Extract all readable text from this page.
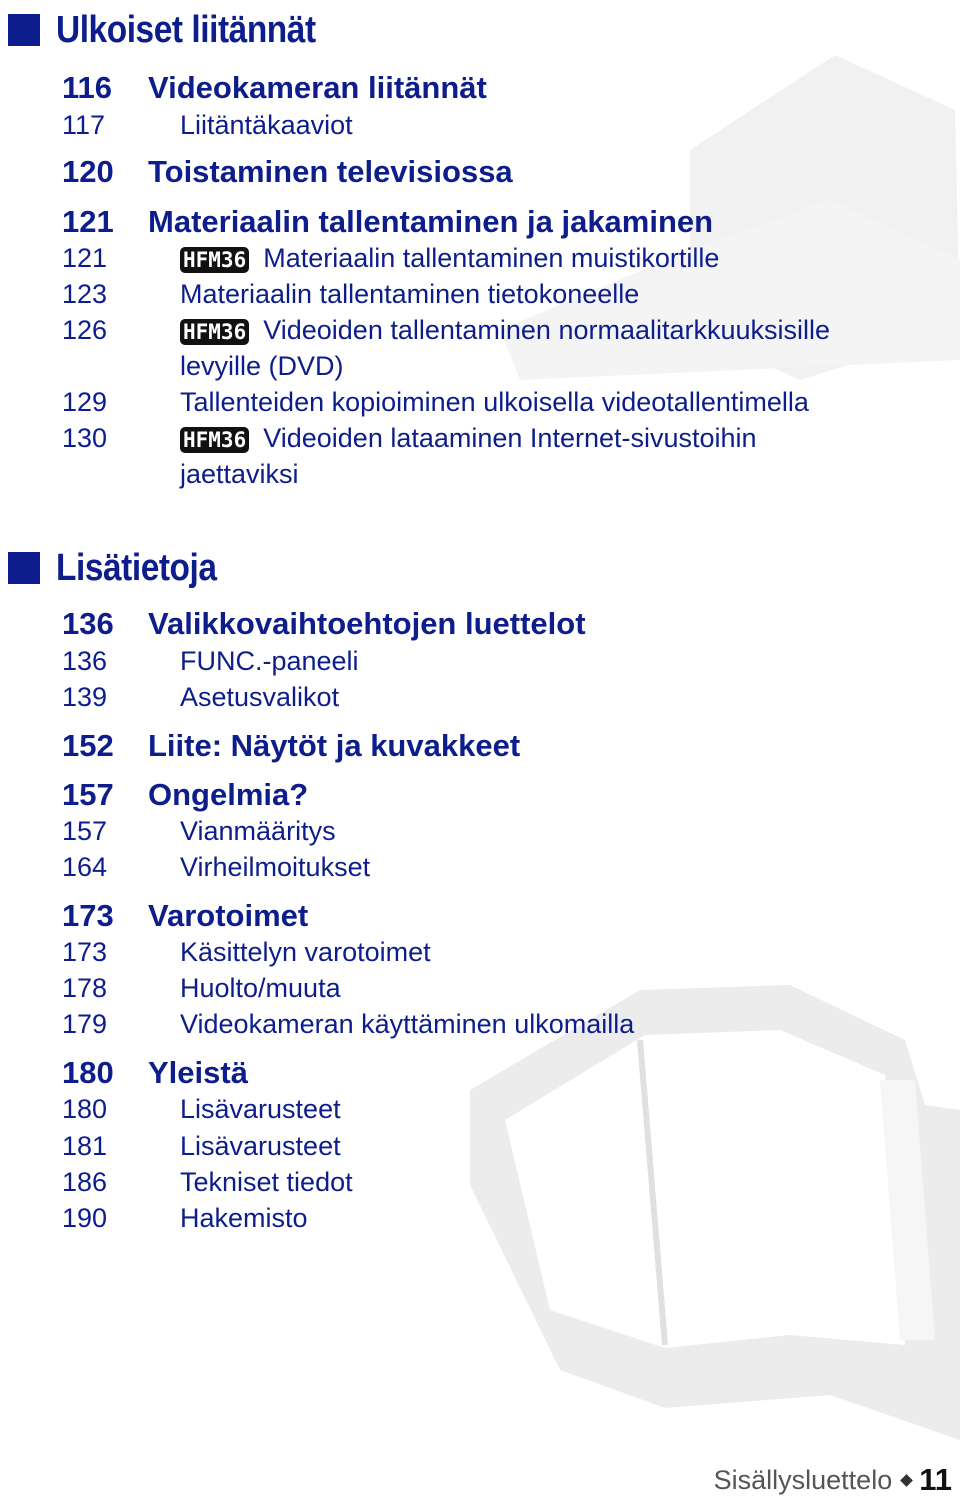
Ulkoiset liitännät
116	Videokameran liitännät
117	Liitäntäkaaviot
120	Toistaminen televisiossa
121	Materiaalin tallentaminen ja jakaminen
121	HFM36 Materiaalin tallentaminen muistikortille
123	Materiaalin tallentaminen tietokoneelle
126	HFM36 Videoiden tallentaminen normaalitarkkuuksisille
levyille (DVD)
129	Tallenteiden kopioiminen ulkoisella videotallentimella
130	HFM36 Videoiden lataaminen Internet-sivustoihin
jaettaviksi
Lisätietoja
136	Valikkovaihtoehtojen luettelot
136	FUNC.-paneeli
139	Asetusvalikot
152	Liite: Näytöt ja kuvakkeet
157	Ongelmia?
157	Vianmääritys
164	Virheilmoitukset
173	Varotoimet
173	Käsittelyn varotoimet
178	Huolto/muuta
179	Videokameran käyttäminen ulkomailla
180	Yleistä
180	Lisävarusteet
181	Lisävarusteet
186	Tekniset tiedot
190	Hakemisto
Sisällysluettelo 11
